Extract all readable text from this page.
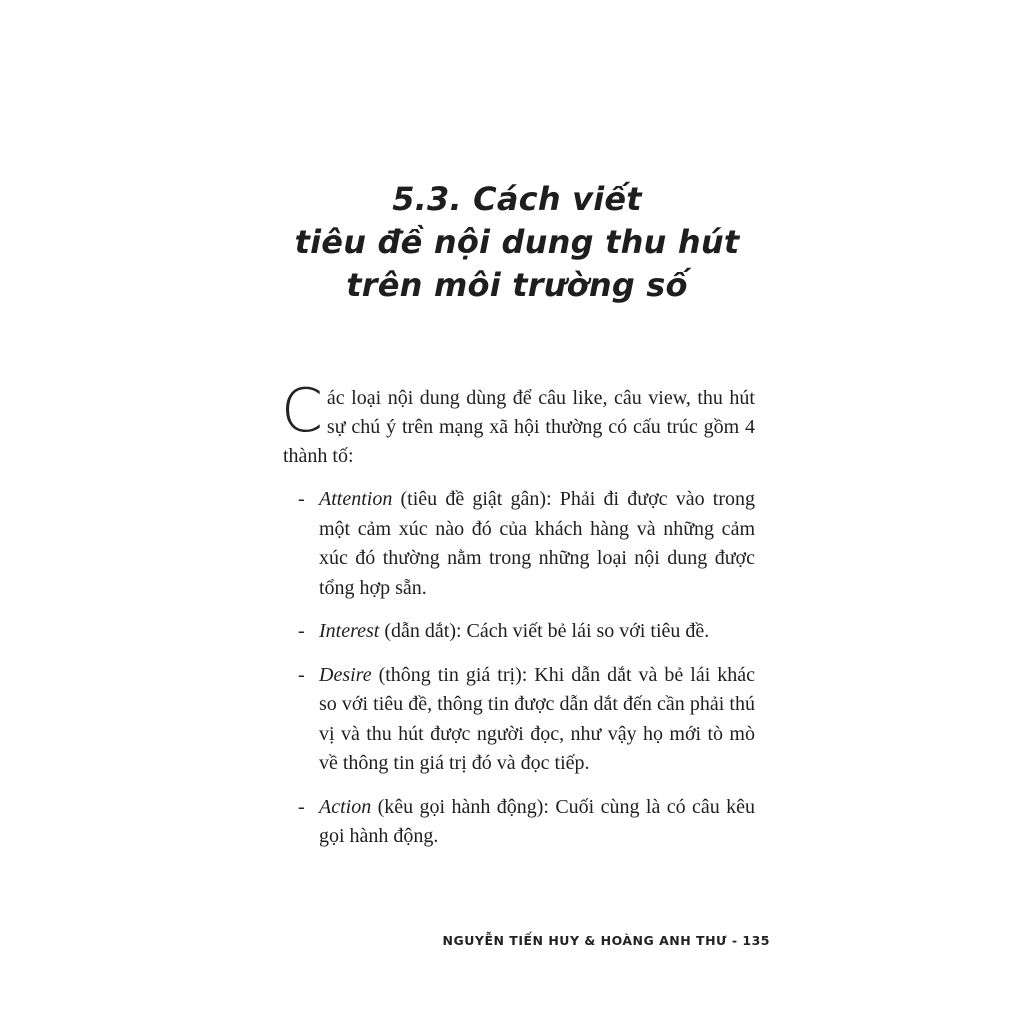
5.3. Cách viết
tiêu đề nội dung thu hút
trên môi trường số
Các loại nội dung dùng để câu like, câu view, thu hút sự chú ý trên mạng xã hội thường có cấu trúc gồm 4 thành tố:
- Attention (tiêu đề giật gân): Phải đi được vào trong một cảm xúc nào đó của khách hàng và những cảm xúc đó thường nằm trong những loại nội dung được tổng hợp sẵn.
- Interest (dẫn dắt): Cách viết bẻ lái so với tiêu đề.
- Desire (thông tin giá trị): Khi dẫn dắt và bẻ lái khác so với tiêu đề, thông tin được dẫn dắt đến cần phải thú vị và thu hút được người đọc, như vậy họ mới tò mò về thông tin giá trị đó và đọc tiếp.
- Action (kêu gọi hành động): Cuối cùng là có câu kêu gọi hành động.
NGUYỄN TIẾN HUY & HOÀNG ANH THƯ - 135
